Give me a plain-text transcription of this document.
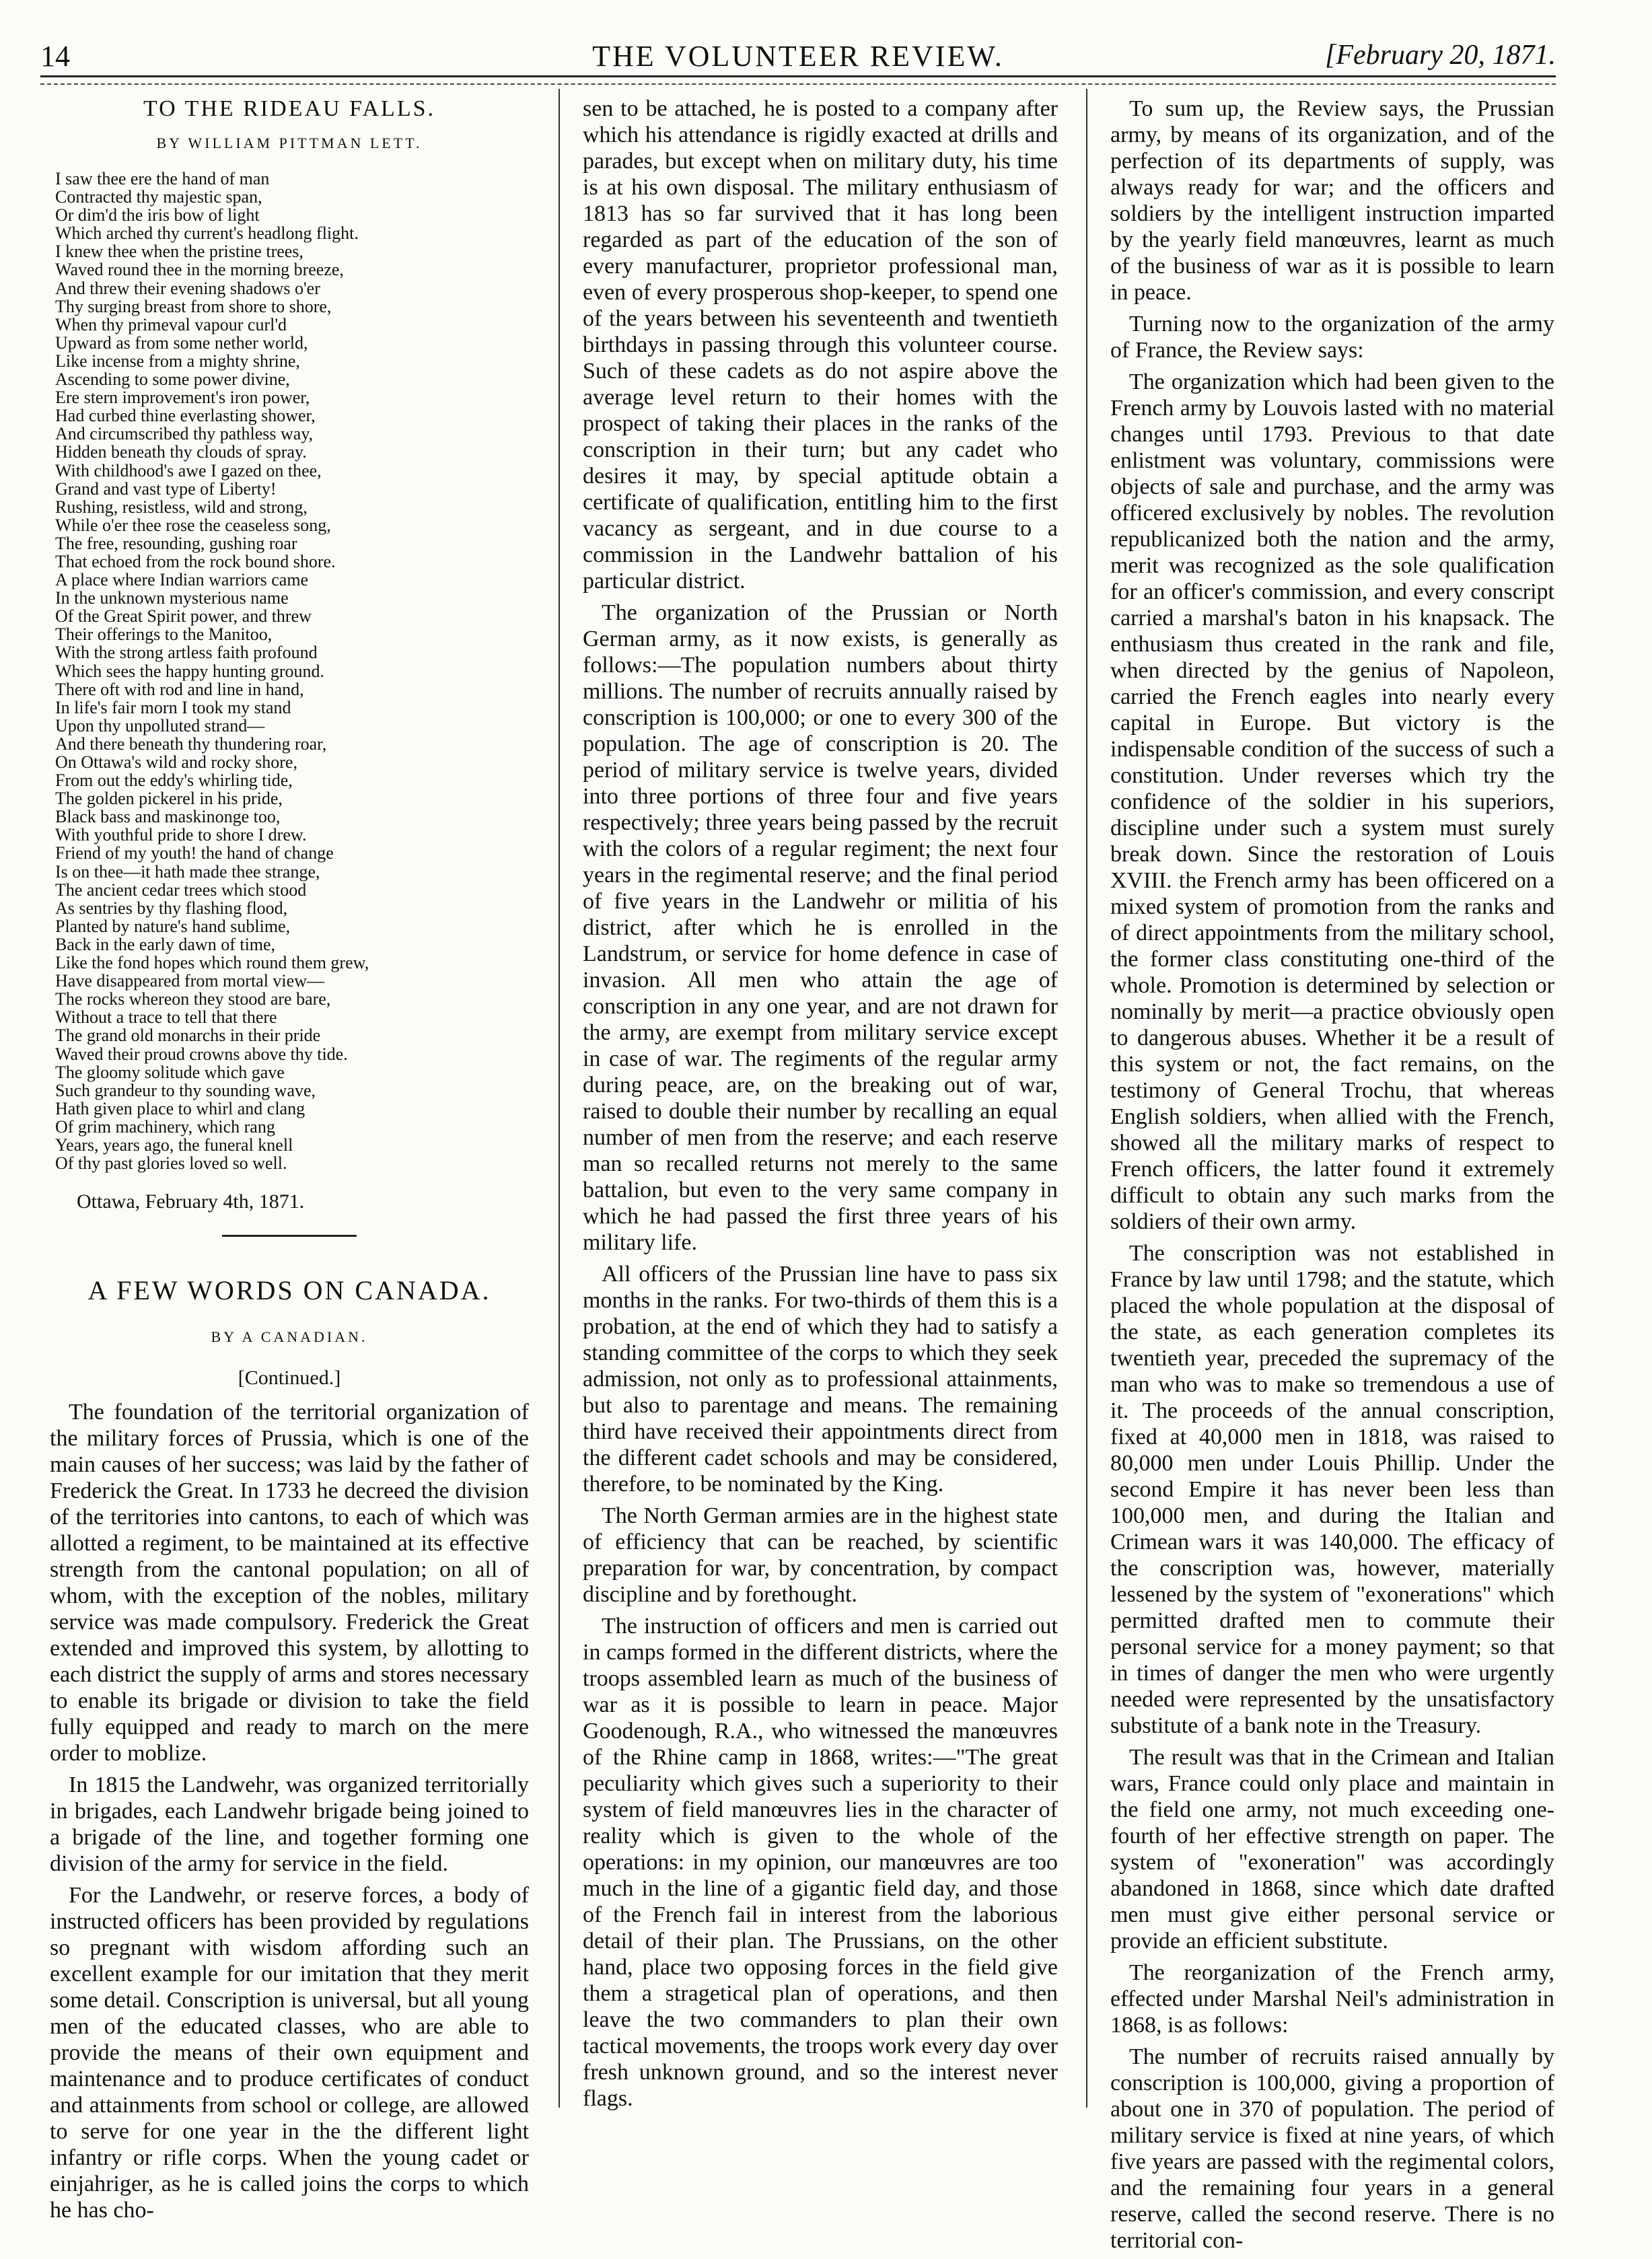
14	THE VOLUNTEER REVIEW.	[February 20, 1871.
TO THE RIDEAU FALLS.
BY WILLIAM PITTMAN LETT.
I saw thee ere the hand of man
Contracted thy majestic span,
Or dim'd the iris bow of light
Which arched thy current's headlong flight.
I knew thee when the pristine trees,
Waved round thee in the morning breeze,
And threw their evening shadows o'er
Thy surging breast from shore to shore,
When thy primeval vapour curl'd
Upward as from some nether world,
Like incense from a mighty shrine,
Ascending to some power divine,
Ere stern improvement's iron power,
Had curbed thine everlasting shower,
And circumscribed thy pathless way,
Hidden beneath thy clouds of spray.
With childhood's awe I gazed on thee,
Grand and vast type of Liberty!
Rushing, resistless, wild and strong,
While o'er thee rose the ceaseless song,
The free, resounding, gushing roar
That echoed from the rock bound shore.
A place where Indian warriors came
In the unknown mysterious name
Of the Great Spirit power, and threw
Their offerings to the Manitoo,
With the strong artless faith profound
Which sees the happy hunting ground.
There oft with rod and line in hand,
In life's fair morn I took my stand
Upon thy unpolluted strand—
And there beneath thy thundering roar,
On Ottawa's wild and rocky shore,
From out the eddy's whirling tide,
The golden pickerel in his pride,
Black bass and maskinonge too,
With youthful pride to shore I drew.
Friend of my youth! the hand of change
Is on thee—it hath made thee strange,
The ancient cedar trees which stood
As sentries by thy flashing flood,
Planted by nature's hand sublime,
Back in the early dawn of time,
Like the fond hopes which round them grew,
Have disappeared from mortal view—
The rocks whereon they stood are bare,
Without a trace to tell that there
The grand old monarchs in their pride
Waved their proud crowns above thy tide.
The gloomy solitude which gave
Such grandeur to thy sounding wave,
Hath given place to whirl and clang
Of grim machinery, which rang
Years, years ago, the funeral knell
Of thy past glories loved so well.
Ottawa, February 4th, 1871.
A FEW WORDS ON CANADA.
BY A CANADIAN.
[Continued.]

The foundation of the territorial organization of the military forces of Prussia, which is one of the main causes of her success; was laid by the father of Frederick the Great. In 1733 he decreed the division of the territories into cantons, to each of which was allotted a regiment, to be maintained at its effective strength from the cantonal population; on all of whom, with the exception of the nobles, military service was made compulsory. Frederick the Great extended and improved this system, by allotting to each district the supply of arms and stores necessary to enable its brigade or division to take the field fully equipped and ready to march on the mere order to moblize.

In 1815 the Landwehr, was organized territorially in brigades, each Landwehr brigade being joined to a brigade of the line, and together forming one division of the army for service in the field.

For the Landwehr, or reserve forces, a body of instructed officers has been provided by regulations so pregnant with wisdom affording such an excellent example for our imitation that they merit some detail. Conscription is universal, but all young men of the educated classes, who are able to provide the means of their own equipment and maintenance and to produce certificates of conduct and attainments from school or college, are allowed to serve for one year in the the different light infantry or rifle corps. When the young cadet or einjahriger, as he is called joins the corps to which he has cho-

sen to be attached, he is posted to a company after which his attendance is rigidly exacted at drills and parades, but except when on military duty, his time is at his own disposal. The military enthusiasm of 1813 has so far survived that it has long been regarded as part of the education of the son of every manufacturer, proprietor professional man, even of every prosperous shop-keeper, to spend one of the years between his seventeenth and twentieth birthdays in passing through this volunteer course. Such of these cadets as do not aspire above the average level return to their homes with the prospect of taking their places in the ranks of the conscription in their turn; but any cadet who desires it may, by special aptitude obtain a certificate of qualification, entitling him to the first vacancy as sergeant, and in due course to a commission in the Landwehr battalion of his particular district.

The organization of the Prussian or North German army, as it now exists, is generally as follows:—The population numbers about thirty millions. The number of recruits annually raised by conscription is 100,000; or one to every 300 of the population. The age of conscription is 20. The period of military service is twelve years, divided into three portions of three four and five years respectively; three years being passed by the recruit with the colors of a regular regiment; the next four years in the regimental reserve; and the final period of five years in the Landwehr or militia of his district, after which he is enrolled in the Landstrum, or service for home defence in case of invasion. All men who attain the age of conscription in any one year, and are not drawn for the army, are exempt from military service except in case of war. The regiments of the regular army during peace, are, on the breaking out of war, raised to double their number by recalling an equal number of men from the reserve; and each reserve man so recalled returns not merely to the same battalion, but even to the very same company in which he had passed the first three years of his military life.

All officers of the Prussian line have to pass six months in the ranks. For two-thirds of them this is a probation, at the end of which they had to satisfy a standing committee of the corps to which they seek admission, not only as to professional attainments, but also to parentage and means. The remaining third have received their appointments direct from the different cadet schools and may be considered, therefore, to be nominated by the King.

The North German armies are in the highest state of efficiency that can be reached, by scientific preparation for war, by concentration, by compact discipline and by forethought.

The instruction of officers and men is carried out in camps formed in the different districts, where the troops assembled learn as much of the business of war as it is possible to learn in peace. Major Goodenough, R.A., who witnessed the manœuvres of the Rhine camp in 1868, writes:—"The great peculiarity which gives such a superiority to their system of field manœuvres lies in the character of reality which is given to the whole of the operations: in my opinion, our manœuvres are too much in the line of a gigantic field day, and those of the French fail in interest from the laborious detail of their plan. The Prussians, on the other hand, place two opposing forces in the field give them a stragetical plan of operations, and then leave the two commanders to plan their own tactical movements, the troops work every day over fresh unknown ground, and so the interest never flags.

To sum up, the Review says, the Prussian army, by means of its organization, and of the perfection of its departments of supply, was always ready for war; and the officers and soldiers by the intelligent instruction imparted by the yearly field manœuvres, learnt as much of the business of war as it is possible to learn in peace.

Turning now to the organization of the army of France, the Review says:

The organization which had been given to the French army by Louvois lasted with no material changes until 1793. Previous to that date enlistment was voluntary, commissions were objects of sale and purchase, and the army was officered exclusively by nobles. The revolution republicanized both the nation and the army, merit was recognized as the sole qualification for an officer's commission, and every conscript carried a marshal's baton in his knapsack. The enthusiasm thus created in the rank and file, when directed by the genius of Napoleon, carried the French eagles into nearly every capital in Europe. But victory is the indispensable condition of the success of such a constitution. Under reverses which try the confidence of the soldier in his superiors, discipline under such a system must surely break down. Since the restoration of Louis XVIII. the French army has been officered on a mixed system of promotion from the ranks and of direct appointments from the military school, the former class constituting one-third of the whole. Promotion is determined by selection or nominally by merit—a practice obviously open to dangerous abuses. Whether it be a result of this system or not, the fact remains, on the testimony of General Trochu, that whereas English soldiers, when allied with the French, showed all the military marks of respect to French officers, the latter found it extremely difficult to obtain any such marks from the soldiers of their own army.

The conscription was not established in France by law until 1798; and the statute, which placed the whole population at the disposal of the state, as each generation completes its twentieth year, preceded the supremacy of the man who was to make so tremendous a use of it. The proceeds of the annual conscription, fixed at 40,000 men in 1818, was raised to 80,000 men under Louis Phillip. Under the second Empire it has never been less than 100,000 men, and during the Italian and Crimean wars it was 140,000. The efficacy of the conscription was, however, materially lessened by the system of "exonerations" which permitted drafted men to commute their personal service for a money payment; so that in times of danger the men who were urgently needed were represented by the unsatisfactory substitute of a bank note in the Treasury.

The result was that in the Crimean and Italian wars, France could only place and maintain in the field one army, not much exceeding one-fourth of her effective strength on paper. The system of "exoneration" was accordingly abandoned in 1868, since which date drafted men must give either personal service or provide an efficient substitute.

The reorganization of the French army, effected under Marshal Neil's administration in 1868, is as follows:

The number of recruits raised annually by conscription is 100,000, giving a proportion of about one in 370 of population. The period of military service is fixed at nine years, of which five years are passed with the regimental colors, and the remaining four years in a general reserve, called the second reserve. There is no territorial con-
